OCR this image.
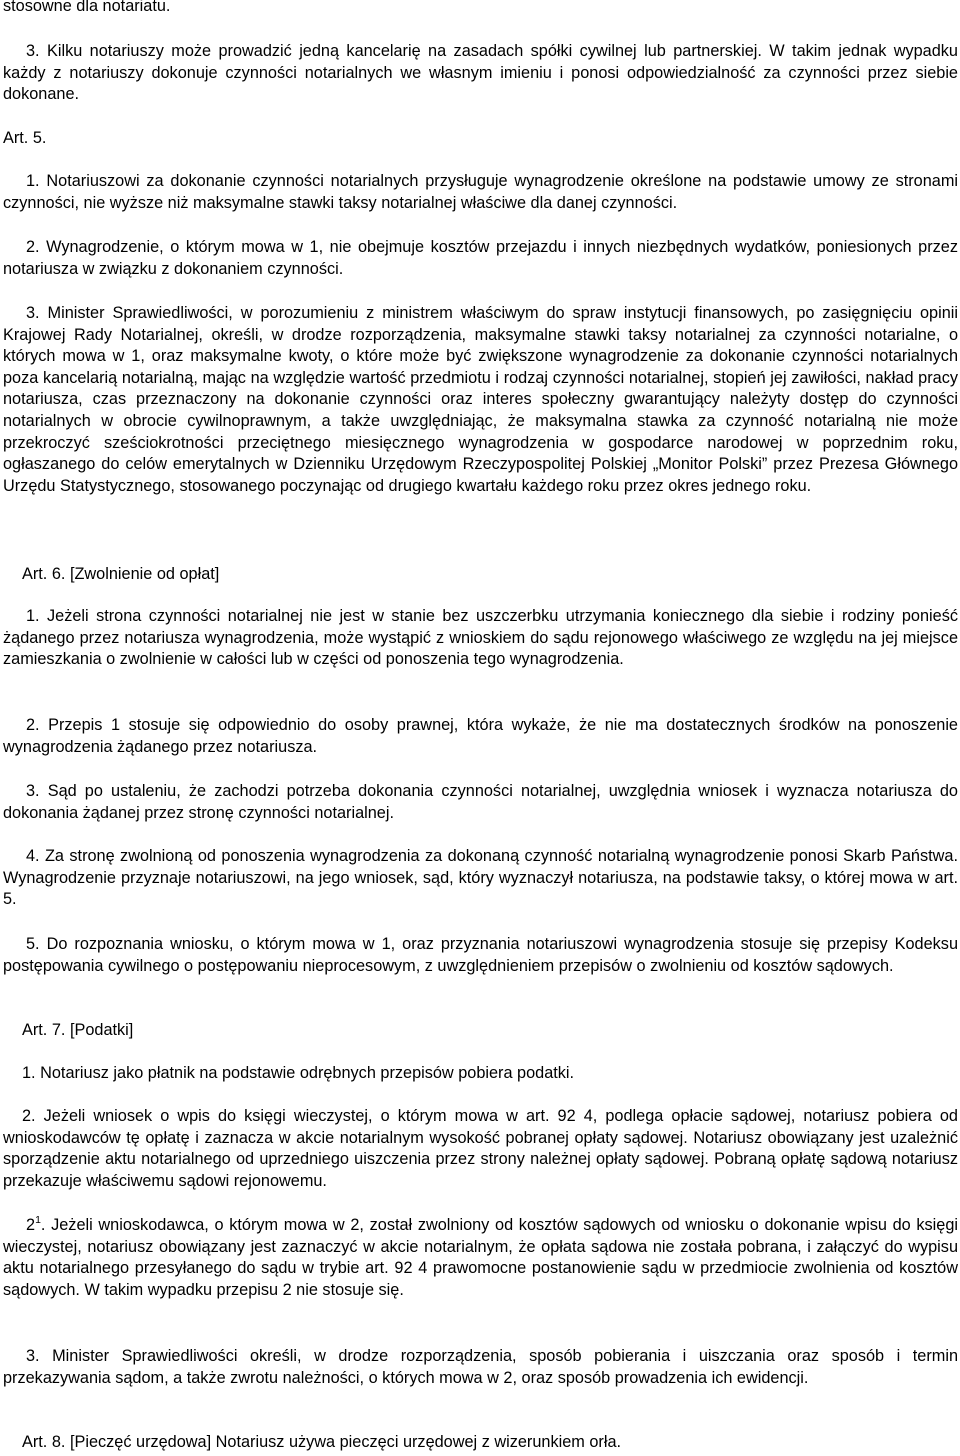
stosowne dla notariatu.

3. Kilku notariuszy może prowadzić jedną kancelarię na zasadach spółki cywilnej lub partnerskiej. W takim jednak wypadku każdy z notariuszy dokonuje czynności notarialnych we własnym imieniu i ponosi odpowiedzialność za czynności przez siebie dokonane.

Art. 5.

1. Notariuszowi za dokonanie czynności notarialnych przysługuje wynagrodzenie określone na podstawie umowy ze stronami czynności, nie wyższe niż maksymalne stawki taksy notarialnej właściwe dla danej czynności.

2. Wynagrodzenie, o którym mowa w 1, nie obejmuje kosztów przejazdu i innych niezbędnych wydatków, poniesionych przez notariusza w związku z dokonaniem czynności.

3. Minister Sprawiedliwości, w porozumieniu z ministrem właściwym do spraw instytucji finansowych, po zasięgnięciu opinii Krajowej Rady Notarialnej, określi, w drodze rozporządzenia, maksymalne stawki taksy notarialnej za czynności notarialne, o których mowa w 1, oraz maksymalne kwoty, o które może być zwiększone wynagrodzenie za dokonanie czynności notarialnych poza kancelarią notarialną, mając na względzie wartość przedmiotu i rodzaj czynności notarialnej, stopień jej zawiłości, nakład pracy notariusza, czas przeznaczony na dokonanie czynności oraz interes społeczny gwarantujący należyty dostęp do czynności notarialnych w obrocie cywilnoprawnym, a także uwzględniając, że maksymalna stawka za czynność notarialną nie może przekroczyć sześciokrotności przeciętnego miesięcznego wynagrodzenia w gospodarce narodowej w poprzednim roku, ogłaszanego do celów emerytalnych w Dzienniku Urzędowym Rzeczypospolitej Polskiej „Monitor Polski” przez Prezesa Głównego Urzędu Statystycznego, stosowanego poczynając od drugiego kwartału każdego roku przez okres jednego roku.

Art. 6. [Zwolnienie od opłat]

1. Jeżeli strona czynności notarialnej nie jest w stanie bez uszczerbku utrzymania koniecznego dla siebie i rodziny ponieść żądanego przez notariusza wynagrodzenia, może wystąpić z wnioskiem do sądu rejonowego właściwego ze względu na jej miejsce zamieszkania o zwolnienie w całości lub w części od ponoszenia tego wynagrodzenia.

2. Przepis 1 stosuje się odpowiednio do osoby prawnej, która wykaże, że nie ma dostatecznych środków na ponoszenie wynagrodzenia żądanego przez notariusza.

3. Sąd po ustaleniu, że zachodzi potrzeba dokonania czynności notarialnej, uwzględnia wniosek i wyznacza notariusza do dokonania żądanej przez stronę czynności notarialnej.

4. Za stronę zwolnioną od ponoszenia wynagrodzenia za dokonaną czynność notarialną wynagrodzenie ponosi Skarb Państwa. Wynagrodzenie przyznaje notariuszowi, na jego wniosek, sąd, który wyznaczył notariusza, na podstawie taksy, o której mowa w art. 5.

5. Do rozpoznania wniosku, o którym mowa w 1, oraz przyznania notariuszowi wynagrodzenia stosuje się przepisy Kodeksu postępowania cywilnego o postępowaniu nieprocesowym, z uwzględnieniem przepisów o zwolnieniu od kosztów sądowych.

Art. 7. [Podatki]

1. Notariusz jako płatnik na podstawie odrębnych przepisów pobiera podatki.

2. Jeżeli wniosek o wpis do księgi wieczystej, o którym mowa w art. 92 4, podlega opłacie sądowej, notariusz pobiera od wnioskodawców tę opłatę i zaznacza w akcie notarialnym wysokość pobranej opłaty sądowej. Notariusz obowiązany jest uzależnić sporządzenie aktu notarialnego od uprzedniego uiszczenia przez strony należnej opłaty sądowej. Pobraną opłatę sądową notariusz przekazuje właściwemu sądowi rejonowemu.

$2^1$. Jeżeli wnioskodawca, o którym mowa w 2, został zwolniony od kosztów sądowych od wniosku o dokonanie wpisu do księgi wieczystej, notariusz obowiązany jest zaznaczyć w akcie notarialnym, że opłata sądowa nie została pobrana, i załączyć do wypisu aktu notarialnego przesyłanego do sądu w trybie art. 92 4 prawomocne postanowienie sądu w przedmiocie zwolnienia od kosztów sądowych. W takim wypadku przepisu 2 nie stosuje się.

3. Minister Sprawiedliwości określi, w drodze rozporządzenia, sposób pobierania i uiszczania oraz sposób i termin przekazywania sądom, a także zwrotu należności, o których mowa w 2, oraz sposób prowadzenia ich ewidencji.

Art. 8. [Pieczęć urzędowa] Notariusz używa pieczęci urzędowej z wizerunkiem orła.
